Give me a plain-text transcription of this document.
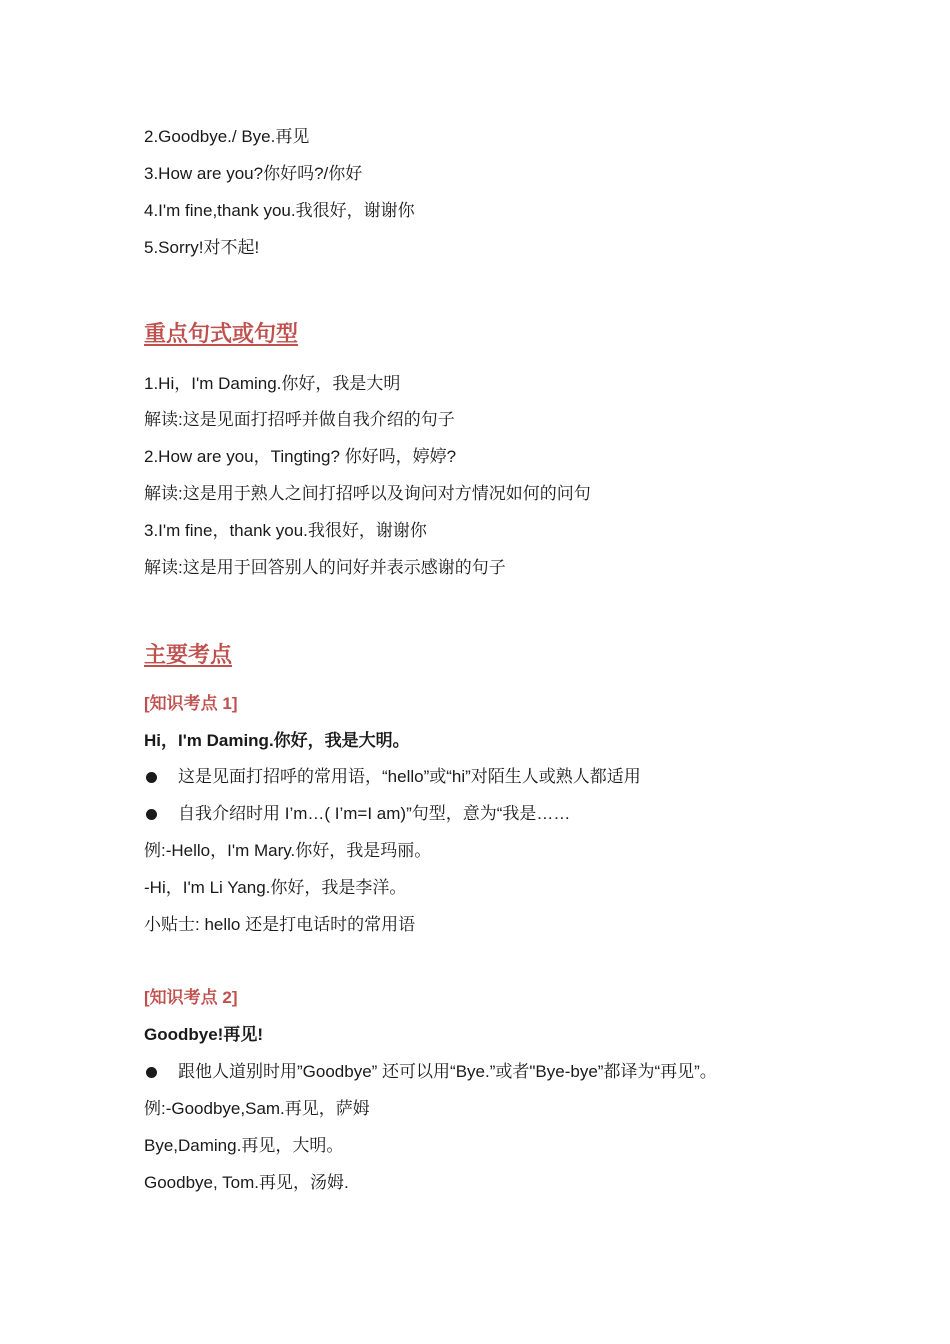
2.Goodbye./ Bye.再见
3.How are you?你好吗?/你好
4.I'm fine,thank you.我很好，谢谢你
5.Sorry!对不起!
重点句式或句型
1.Hi，I'm Daming.你好，我是大明
解读:这是见面打招呼并做自我介绍的句子
2.How are you，Tingting? 你好吗，婷婷?
解读:这是用于熟人之间打招呼以及询问对方情况如何的问句
3.I'm fine，thank you.我很好，谢谢你
解读:这是用于回答别人的问好并表示感谢的句子
主要考点
[知识考点 1]
Hi，I'm Daming.你好，我是大明。
这是见面打招呼的常用语，“hello”或“hi”对陌生人或熟人都适用
自我介绍时用 I’m…( I’m=I am)”句型，意为“我是……
例:-Hello，I'm Mary.你好，我是玛丽。
-Hi，I'm Li Yang.你好，我是李洋。
小贴士: hello 还是打电话时的常用语
[知识考点 2]
Goodbye!再见!
跟他人道别时用”Goodbye” 还可以用“Bye.”或者"Bye-bye”都译为“再见”。
例:-Goodbye,Sam.再见，萨姆
Bye,Daming.再见，大明。
Goodbye, Tom.再见，汤姆.
